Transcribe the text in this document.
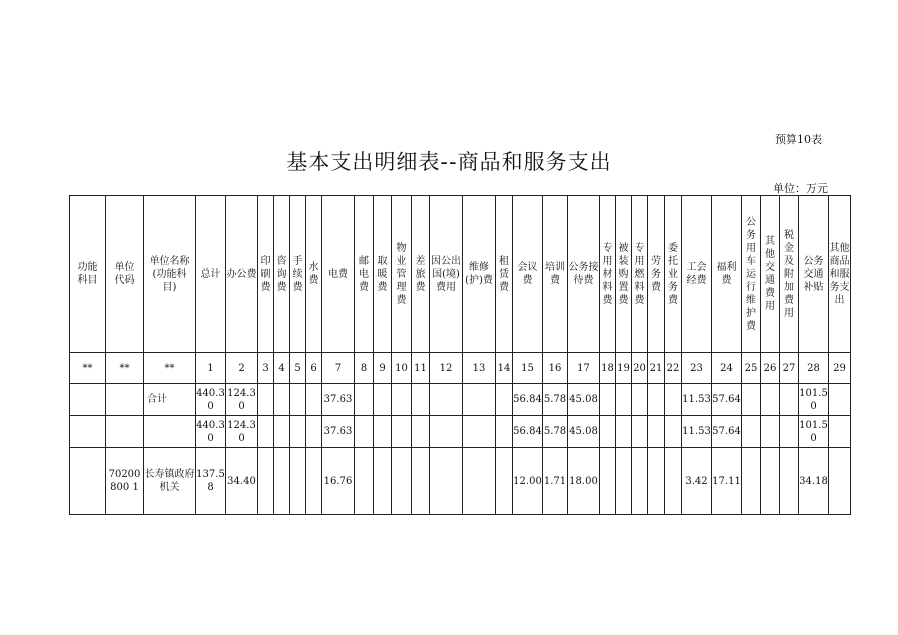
预算10表
基本支出明细表--商品和服务支出
单位：万元
功能科目	单位代码	单位名称(功能科目)	总计	办公费	印刷费	咨询费	手续费	水费	电费	邮电费	取暖费	物业管理费	差旅费	因公出国(境)费用	维修(护)费	租赁费	会议费	培训费	公务接待费	专用材料费	被装购置费	专用燃料费	劳务费	委托业务费	工会经费	福利费	公务用车运行维护费	其他交通费用	税金及附加费用	公务交通补贴	其他商品和服务支出
**	**	**	1	2	3	4	5	6	7	8	9	10	11	12	13	14	15	16	17	18	19	20	21	22	23	24	25	26	27	28	29
		合计	440.30	124.30					37.63								56.84	5.78	45.08						11.53	57.64				101.50	
			440.30	124.30					37.63								56.84	5.78	45.08						11.53	57.64				101.50	
	70200800 1	长寿镇政府机关	137.58	34.40					16.76								12.00	1.71	18.00						3.42	17.11				34.18	
